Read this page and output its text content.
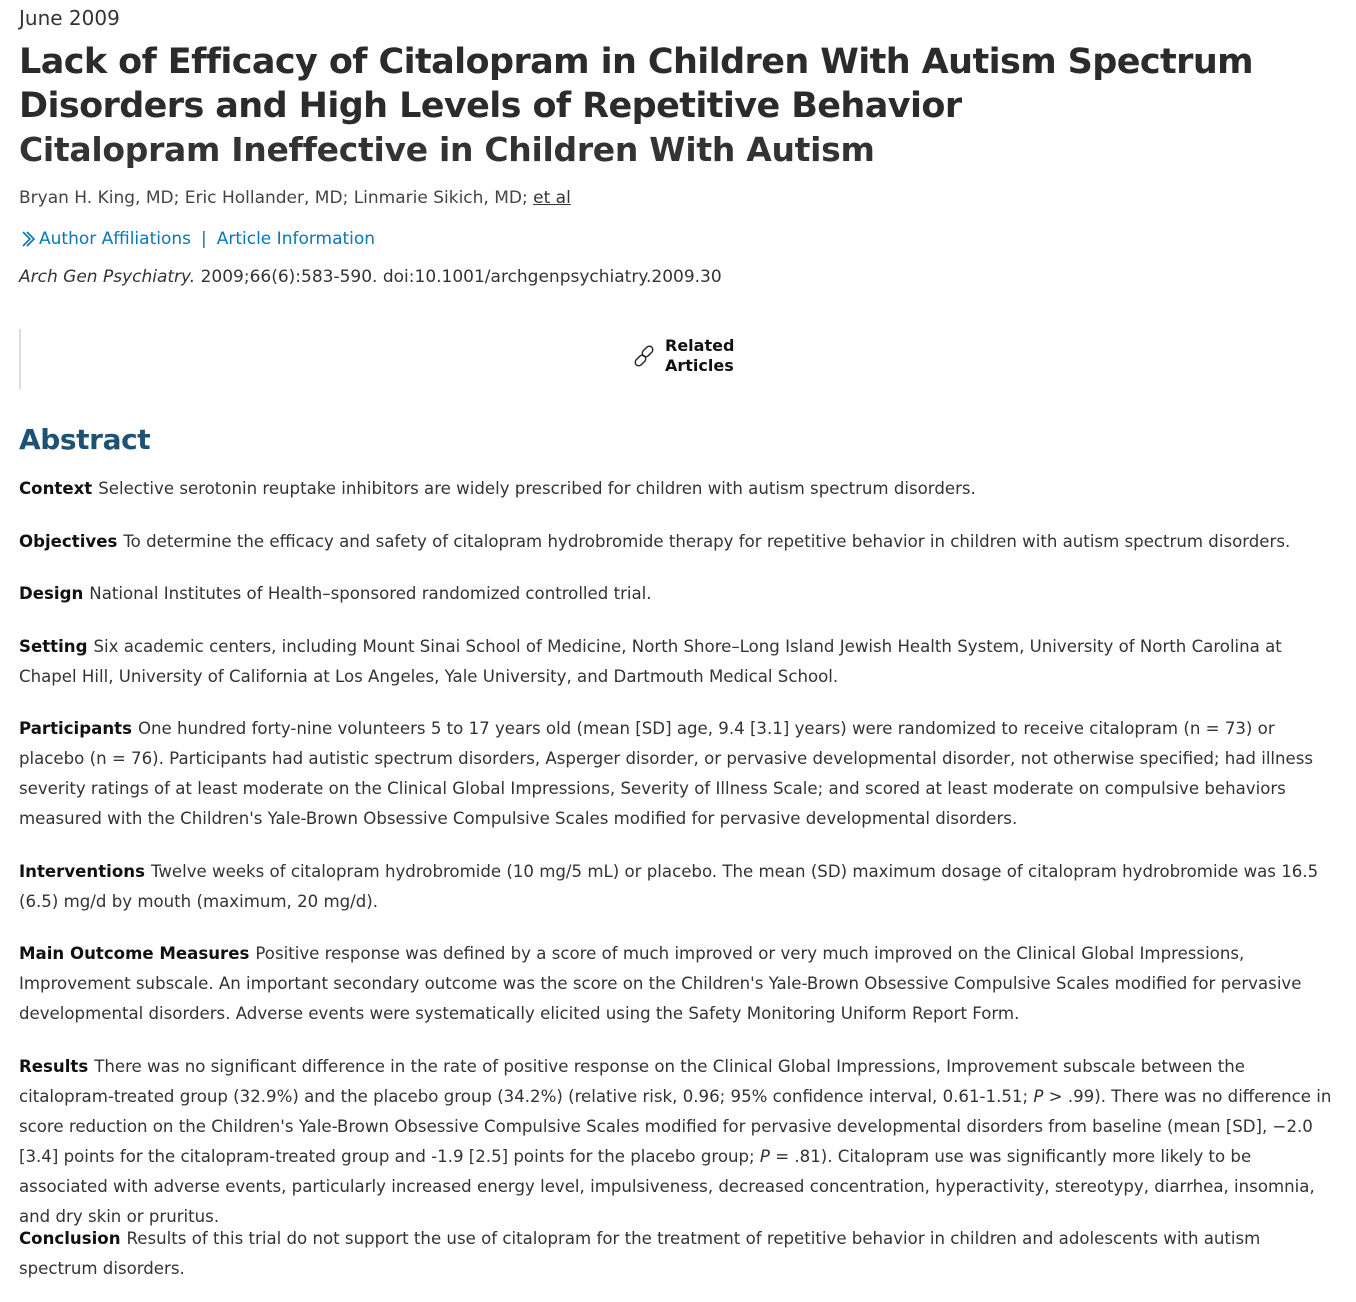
June 2009
Lack of Efficacy of Citalopram in Children With Autism Spectrum Disorders and High Levels of Repetitive Behavior
Citalopram Ineffective in Children With Autism
Bryan H. King, MD; Eric Hollander, MD; Linmarie Sikich, MD; et al
Author Affiliations | Article Information
Arch Gen Psychiatry. 2009;66(6):583-590. doi:10.1001/archgenpsychiatry.2009.30
Related Articles
Abstract

Context Selective serotonin reuptake inhibitors are widely prescribed for children with autism spectrum disorders.

Objectives To determine the efficacy and safety of citalopram hydrobromide therapy for repetitive behavior in children with autism spectrum disorders.

Design National Institutes of Health–sponsored randomized controlled trial.

Setting Six academic centers, including Mount Sinai School of Medicine, North Shore–Long Island Jewish Health System, University of North Carolina at Chapel Hill, University of California at Los Angeles, Yale University, and Dartmouth Medical School.

Participants One hundred forty-nine volunteers 5 to 17 years old (mean [SD] age, 9.4 [3.1] years) were randomized to receive citalopram (n = 73) or placebo (n = 76). Participants had autistic spectrum disorders, Asperger disorder, or pervasive developmental disorder, not otherwise specified; had illness severity ratings of at least moderate on the Clinical Global Impressions, Severity of Illness Scale; and scored at least moderate on compulsive behaviors measured with the Children's Yale-Brown Obsessive Compulsive Scales modified for pervasive developmental disorders.

Interventions Twelve weeks of citalopram hydrobromide (10 mg/5 mL) or placebo. The mean (SD) maximum dosage of citalopram hydrobromide was 16.5 (6.5) mg/d by mouth (maximum, 20 mg/d).

Main Outcome Measures Positive response was defined by a score of much improved or very much improved on the Clinical Global Impressions, Improvement subscale. An important secondary outcome was the score on the Children's Yale-Brown Obsessive Compulsive Scales modified for pervasive developmental disorders. Adverse events were systematically elicited using the Safety Monitoring Uniform Report Form.

Results There was no significant difference in the rate of positive response on the Clinical Global Impressions, Improvement subscale between the citalopram-treated group (32.9%) and the placebo group (34.2%) (relative risk, 0.96; 95% confidence interval, 0.61-1.51; P > .99). There was no difference in score reduction on the Children's Yale-Brown Obsessive Compulsive Scales modified for pervasive developmental disorders from baseline (mean [SD], −2.0 [3.4] points for the citalopram-treated group and -1.9 [2.5] points for the placebo group; P = .81). Citalopram use was significantly more likely to be associated with adverse events, particularly increased energy level, impulsiveness, decreased concentration, hyperactivity, stereotypy, diarrhea, insomnia, and dry skin or pruritus.

Conclusion Results of this trial do not support the use of citalopram for the treatment of repetitive behavior in children and adolescents with autism spectrum disorders.
